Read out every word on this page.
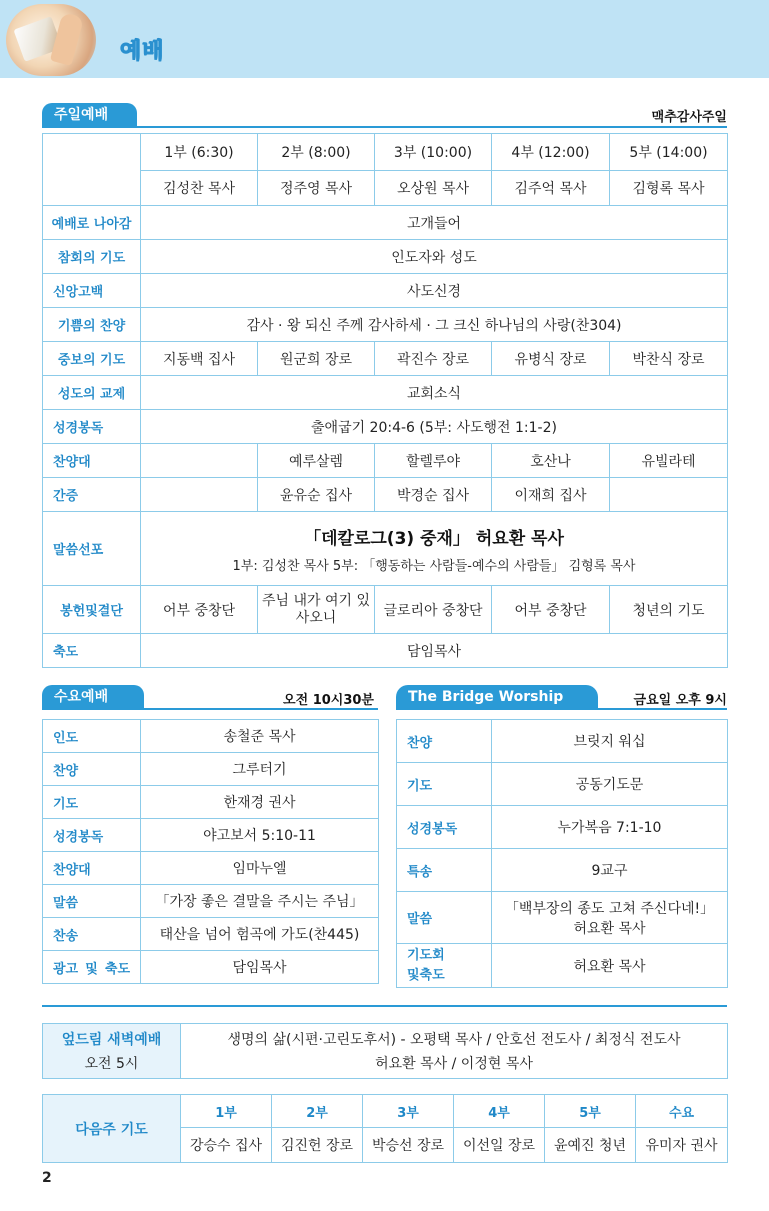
예배
주일예배	맥추감사주일
	1부 (6:30)	2부 (8:00)	3부 (10:00)	4부 (12:00)	5부 (14:00)
	김성찬 목사	정주영 목사	오상원 목사	김주억 목사	김형록 목사
예배로 나아감	고개들어				
참회의 기도	인도자와 성도				
신앙고백	사도신경				
기쁨의 찬양	감사 · 왕 되신 주께 감사하세 · 그 크신 하나님의 사랑(찬304)				
중보의 기도	지동백 집사	원군희 장로	곽진수 장로	유병식 장로	박찬식 장로
성도의 교제	교회소식				
성경봉독	출애굽기 20:4-6 (5부: 사도행전 1:1-2)				
찬양대		예루살렘	할렐루야	호산나	유빌라테
간증		윤유순 집사	박경순 집사	이재희 집사	
말씀선포	「데칼로그(3) 중재」 허요환 목사
1부: 김성찬 목사 5부: 「행동하는 사람들-예수의 사람들」 김형록 목사				

봉헌및결단	어부 중창단	주님 내가 여기 있사오니	글로리아 중창단	어부 중창단	청년의 기도
축도	담임목사				
수요예배	오전 10시30분
인도	송철준 목사
찬양	그루터기
기도	한재경 권사
성경봉독	야고보서 5:10-11
찬양대	임마누엘
말씀	「가장 좋은 결말을 주시는 주님」
찬송	태산을 넘어 험곡에 가도(찬445)
광고 및 축도	담임목사
The Bridge Worship	금요일 오후 9시
찬양	브릿지 워십
기도	공동기도문
성경봉독	누가복음 7:1-10
특송	9교구
말씀	「백부장의 종도 고쳐 주신다네!」
허요환 목사

기도회
및축도	허요환 목사
엎드림 새벽예배
오전 5시

생명의 삶(시편·고린도후서) - 오평택 목사 / 안호선 전도사 / 최정식 전도사
허요환 목사 / 이정현 목사
다음주 기도	1부	2부	3부	4부	5부	수요
	강승수 집사	김진헌 장로	박승선 장로	이선일 장로	윤예진 청년	유미자 권사
2
